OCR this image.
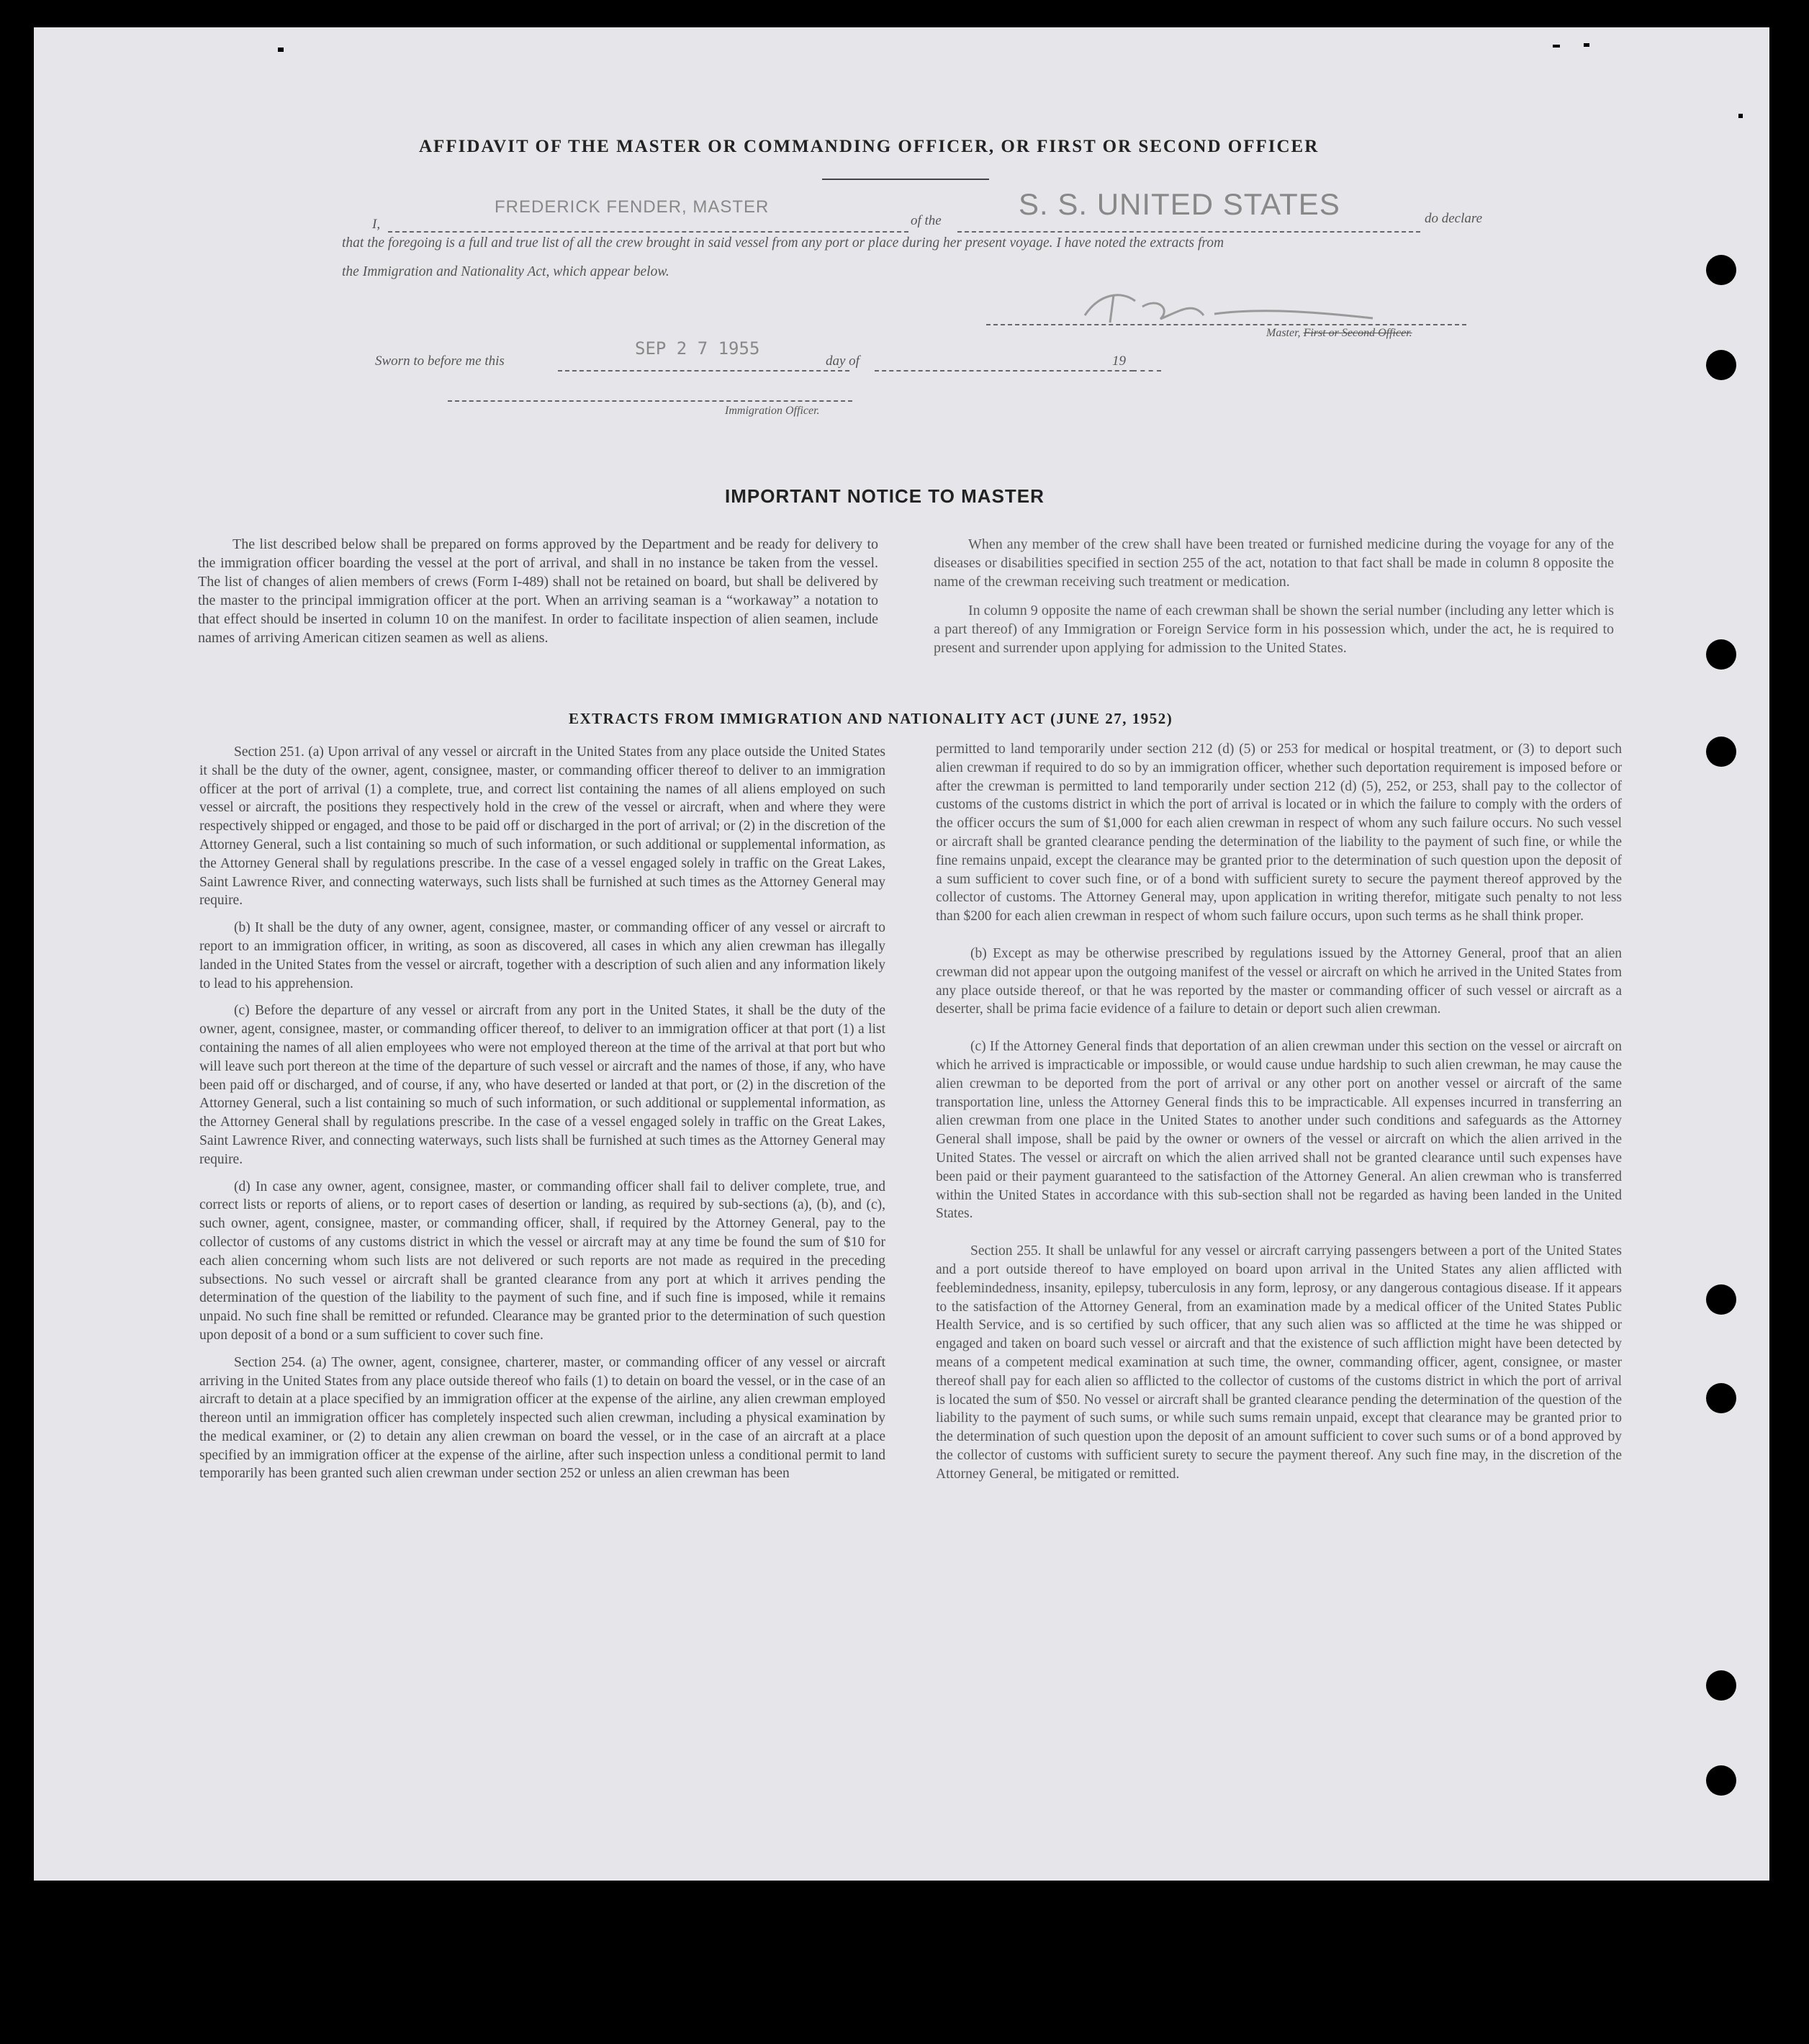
AFFIDAVIT OF THE MASTER OR COMMANDING OFFICER, OR FIRST OR SECOND OFFICER
I,
FREDERICK FENDER, MASTER
of the	S. S. UNITED STATES	do declare
that the foregoing is a full and true list of all the crew brought in said vessel from any port or place during her present voyage. I have noted the extracts from
the Immigration and Nationality Act, which appear below.
Master, First or Second Officer.
Sworn to before me this
SEP 2 7 1955
day of	19
Immigration Officer.
IMPORTANT NOTICE TO MASTER

The list described below shall be prepared on forms approved by the Department and be ready for delivery to the immigration officer boarding the vessel at the port of arrival, and shall in no instance be taken from the vessel. The list of changes of alien members of crews (Form I-489) shall not be retained on board, but shall be delivered by the master to the principal immigration officer at the port. When an arriving seaman is a “workaway” a notation to that effect should be inserted in column 10 on the manifest. In order to facilitate inspection of alien seamen, include names of arriving American citizen seamen as well as aliens.

When any member of the crew shall have been treated or furnished medicine during the voyage for any of the diseases or disabilities specified in section 255 of the act, notation to that fact shall be made in column 8 opposite the name of the crewman receiving such treatment or medication.

In column 9 opposite the name of each crewman shall be shown the serial number (including any letter which is a part thereof) of any Immigration or Foreign Service form in his possession which, under the act, he is required to present and surrender upon applying for admission to the United States.

EXTRACTS FROM IMMIGRATION AND NATIONALITY ACT (JUNE 27, 1952)

Section 251. (a) Upon arrival of any vessel or aircraft in the United States from any place outside the United States it shall be the duty of the owner, agent, consignee, master, or commanding officer thereof to deliver to an immigration officer at the port of arrival (1) a complete, true, and correct list containing the names of all aliens employed on such vessel or aircraft, the positions they respectively hold in the crew of the vessel or aircraft, when and where they were respectively shipped or engaged, and those to be paid off or discharged in the port of arrival; or (2) in the discretion of the Attorney General, such a list containing so much of such information, or such additional or supplemental information, as the Attorney General shall by regulations prescribe. In the case of a vessel engaged solely in traffic on the Great Lakes, Saint Lawrence River, and connecting waterways, such lists shall be furnished at such times as the Attorney General may require.

(b) It shall be the duty of any owner, agent, consignee, master, or commanding officer of any vessel or aircraft to report to an immigration officer, in writing, as soon as discovered, all cases in which any alien crewman has illegally landed in the United States from the vessel or aircraft, together with a description of such alien and any information likely to lead to his apprehension.

(c) Before the departure of any vessel or aircraft from any port in the United States, it shall be the duty of the owner, agent, consignee, master, or commanding officer thereof, to deliver to an immigration officer at that port (1) a list containing the names of all alien employees who were not employed thereon at the time of the arrival at that port but who will leave such port thereon at the time of the departure of such vessel or aircraft and the names of those, if any, who have been paid off or discharged, and of course, if any, who have deserted or landed at that port, or (2) in the discretion of the Attorney General, such a list containing so much of such information, or such additional or supplemental information, as the Attorney General shall by regulations prescribe. In the case of a vessel engaged solely in traffic on the Great Lakes, Saint Lawrence River, and connecting waterways, such lists shall be furnished at such times as the Attorney General may require.

(d) In case any owner, agent, consignee, master, or commanding officer shall fail to deliver complete, true, and correct lists or reports of aliens, or to report cases of desertion or landing, as required by sub-sections (a), (b), and (c), such owner, agent, consignee, master, or commanding officer, shall, if required by the Attorney General, pay to the collector of customs of any customs district in which the vessel or aircraft may at any time be found the sum of $10 for each alien concerning whom such lists are not delivered or such reports are not made as required in the preceding subsections. No such vessel or aircraft shall be granted clearance from any port at which it arrives pending the determination of the question of the liability to the payment of such fine, and if such fine is imposed, while it remains unpaid. No such fine shall be remitted or refunded. Clearance may be granted prior to the determination of such question upon deposit of a bond or a sum sufficient to cover such fine.

Section 254. (a) The owner, agent, consignee, charterer, master, or commanding officer of any vessel or aircraft arriving in the United States from any place outside thereof who fails (1) to detain on board the vessel, or in the case of an aircraft to detain at a place specified by an immigration officer at the expense of the airline, any alien crewman employed thereon until an immigration officer has completely inspected such alien crewman, including a physical examination by the medical examiner, or (2) to detain any alien crewman on board the vessel, or in the case of an aircraft at a place specified by an immigration officer at the expense of the airline, after such inspection unless a conditional permit to land temporarily has been granted such alien crewman under section 252 or unless an alien crewman has been

permitted to land temporarily under section 212 (d) (5) or 253 for medical or hospital treatment, or (3) to deport such alien crewman if required to do so by an immigration officer, whether such deportation requirement is imposed before or after the crewman is permitted to land temporarily under section 212 (d) (5), 252, or 253, shall pay to the collector of customs of the customs district in which the port of arrival is located or in which the failure to comply with the orders of the officer occurs the sum of $1,000 for each alien crewman in respect of whom any such failure occurs. No such vessel or aircraft shall be granted clearance pending the determination of the liability to the payment of such fine, or while the fine remains unpaid, except the clearance may be granted prior to the determination of such question upon the deposit of a sum sufficient to cover such fine, or of a bond with sufficient surety to secure the payment thereof approved by the collector of customs. The Attorney General may, upon application in writing therefor, mitigate such penalty to not less than $200 for each alien crewman in respect of whom such failure occurs, upon such terms as he shall think proper.

(b) Except as may be otherwise prescribed by regulations issued by the Attorney General, proof that an alien crewman did not appear upon the outgoing manifest of the vessel or aircraft on which he arrived in the United States from any place outside thereof, or that he was reported by the master or commanding officer of such vessel or aircraft as a deserter, shall be prima facie evidence of a failure to detain or deport such alien crewman.

(c) If the Attorney General finds that deportation of an alien crewman under this section on the vessel or aircraft on which he arrived is impracticable or impossible, or would cause undue hardship to such alien crewman, he may cause the alien crewman to be deported from the port of arrival or any other port on another vessel or aircraft of the same transportation line, unless the Attorney General finds this to be impracticable. All expenses incurred in transferring an alien crewman from one place in the United States to another under such conditions and safeguards as the Attorney General shall impose, shall be paid by the owner or owners of the vessel or aircraft on which the alien arrived in the United States. The vessel or aircraft on which the alien arrived shall not be granted clearance until such expenses have been paid or their payment guaranteed to the satisfaction of the Attorney General. An alien crewman who is transferred within the United States in accordance with this sub-section shall not be regarded as having been landed in the United States.

Section 255. It shall be unlawful for any vessel or aircraft carrying passengers between a port of the United States and a port outside thereof to have employed on board upon arrival in the United States any alien afflicted with feeblemindedness, insanity, epilepsy, tuberculosis in any form, leprosy, or any dangerous contagious disease. If it appears to the satisfaction of the Attorney General, from an examination made by a medical officer of the United States Public Health Service, and is so certified by such officer, that any such alien was so afflicted at the time he was shipped or engaged and taken on board such vessel or aircraft and that the existence of such affliction might have been detected by means of a competent medical examination at such time, the owner, commanding officer, agent, consignee, or master thereof shall pay for each alien so afflicted to the collector of customs of the customs district in which the port of arrival is located the sum of $50. No vessel or aircraft shall be granted clearance pending the determination of the question of the liability to the payment of such sums, or while such sums remain unpaid, except that clearance may be granted prior to the determination of such question upon the deposit of an amount sufficient to cover such sums or of a bond approved by the collector of customs with sufficient surety to secure the payment thereof. Any such fine may, in the discretion of the Attorney General, be mitigated or remitted.
